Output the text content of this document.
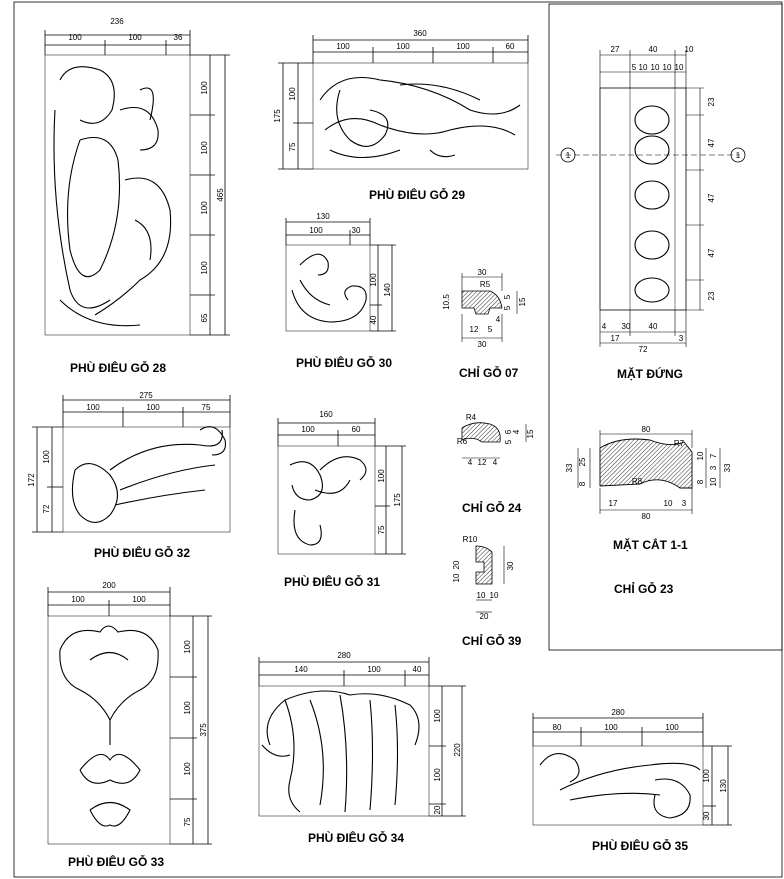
236
100	100	36
100
100
100
100
65
465
360
100	100	100	60
175
100
75
130
100	30
100
40
140
30
R5
10.5	5
5
15
12 5
30
4
R4
R6
6 4
5
15
4 12 4
R10
20
10
30
10 10
20
275
100	100	75
172
100
72
160
100	60
100
75
175
200
100	100
100
100
100
75
375
280
140	100	40
100
100
20
220
280
80	100	100
100
30
130
1	1
27	40	10
5 10 10 10 10
23
47
47
47
23
4 30 40
17	3
72
80
R7
R8
33
25
8
10 7
3 33
8 10
17	10 3
80
PHÙ ĐIÊU GỖ 28
PHÙ ĐIÊU GỖ 29
PHÙ ĐIÊU GỖ 30
CHỈ GỖ 07	MẶT ĐỨNG
PHÙ ĐIÊU GỖ 32
PHÙ ĐIÊU GỖ 31
CHỈ GỖ 24
MẶT CẮT 1-1
CHỈ GỖ 23
CHỈ GỖ 39
PHÙ ĐIÊU GỖ 34
PHÙ ĐIÊU GỖ 35
PHÙ ĐIÊU GỖ 33
